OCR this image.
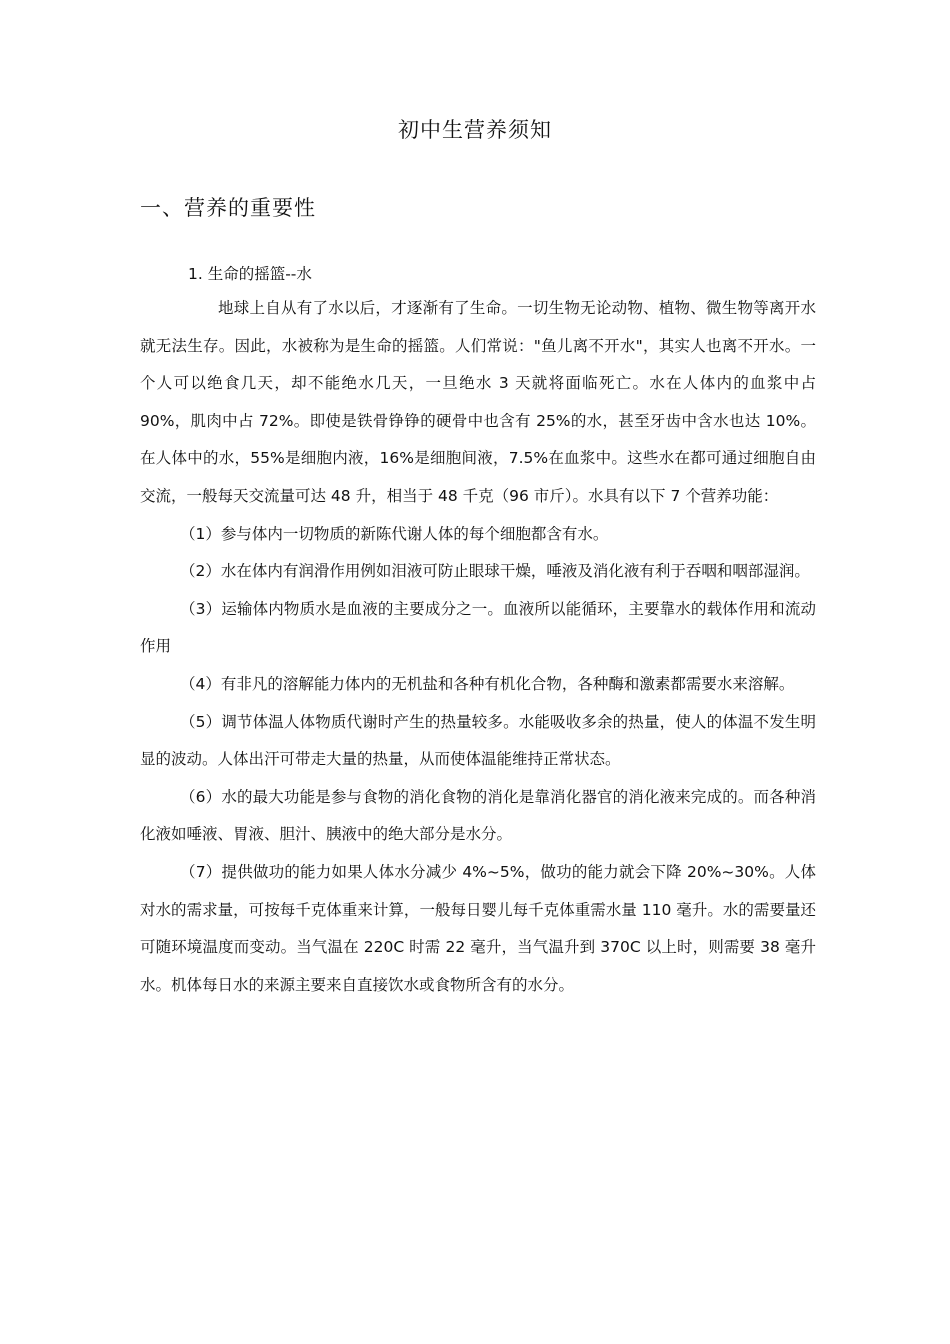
初中生营养须知
一、营养的重要性
1. 生命的摇篮--水

地球上自从有了水以后，才逐渐有了生命。一切生物无论动物、植物、微生物等离开水就无法生存。因此，水被称为是生命的摇篮。人们常说："鱼儿离不开水"，其实人也离不开水。一个人可以绝食几天，却不能绝水几天，一旦绝水 3 天就将面临死亡。水在人体内的血浆中占 90%，肌肉中占 72%。即使是铁骨铮铮的硬骨中也含有 25%的水，甚至牙齿中含水也达 10%。在人体中的水，55%是细胞内液，16%是细胞间液，7.5%在血浆中。这些水在都可通过细胞自由交流，一般每天交流量可达 48 升，相当于 48 千克（96 市斤）。水具有以下 7 个营养功能：

（1）参与体内一切物质的新陈代谢人体的每个细胞都含有水。

（2）水在体内有润滑作用例如泪液可防止眼球干燥，唾液及消化液有利于吞咽和咽部湿润。

（3）运输体内物质水是血液的主要成分之一。血液所以能循环，主要靠水的载体作用和流动作用

（4）有非凡的溶解能力体内的无机盐和各种有机化合物，各种酶和激素都需要水来溶解。

（5）调节体温人体物质代谢时产生的热量较多。水能吸收多余的热量，使人的体温不发生明显的波动。人体出汗可带走大量的热量，从而使体温能维持正常状态。

（6）水的最大功能是参与食物的消化食物的消化是靠消化器官的消化液来完成的。而各种消化液如唾液、胃液、胆汁、胰液中的绝大部分是水分。

（7）提供做功的能力如果人体水分减少 4%~5%，做功的能力就会下降 20%~30%。人体对水的需求量，可按每千克体重来计算，一般每日婴儿每千克体重需水量 110 毫升。水的需要量还可随环境温度而变动。当气温在 220C 时需 22 毫升，当气温升到 370C 以上时，则需要 38 毫升水。机体每日水的来源主要来自直接饮水或食物所含有的水分。
